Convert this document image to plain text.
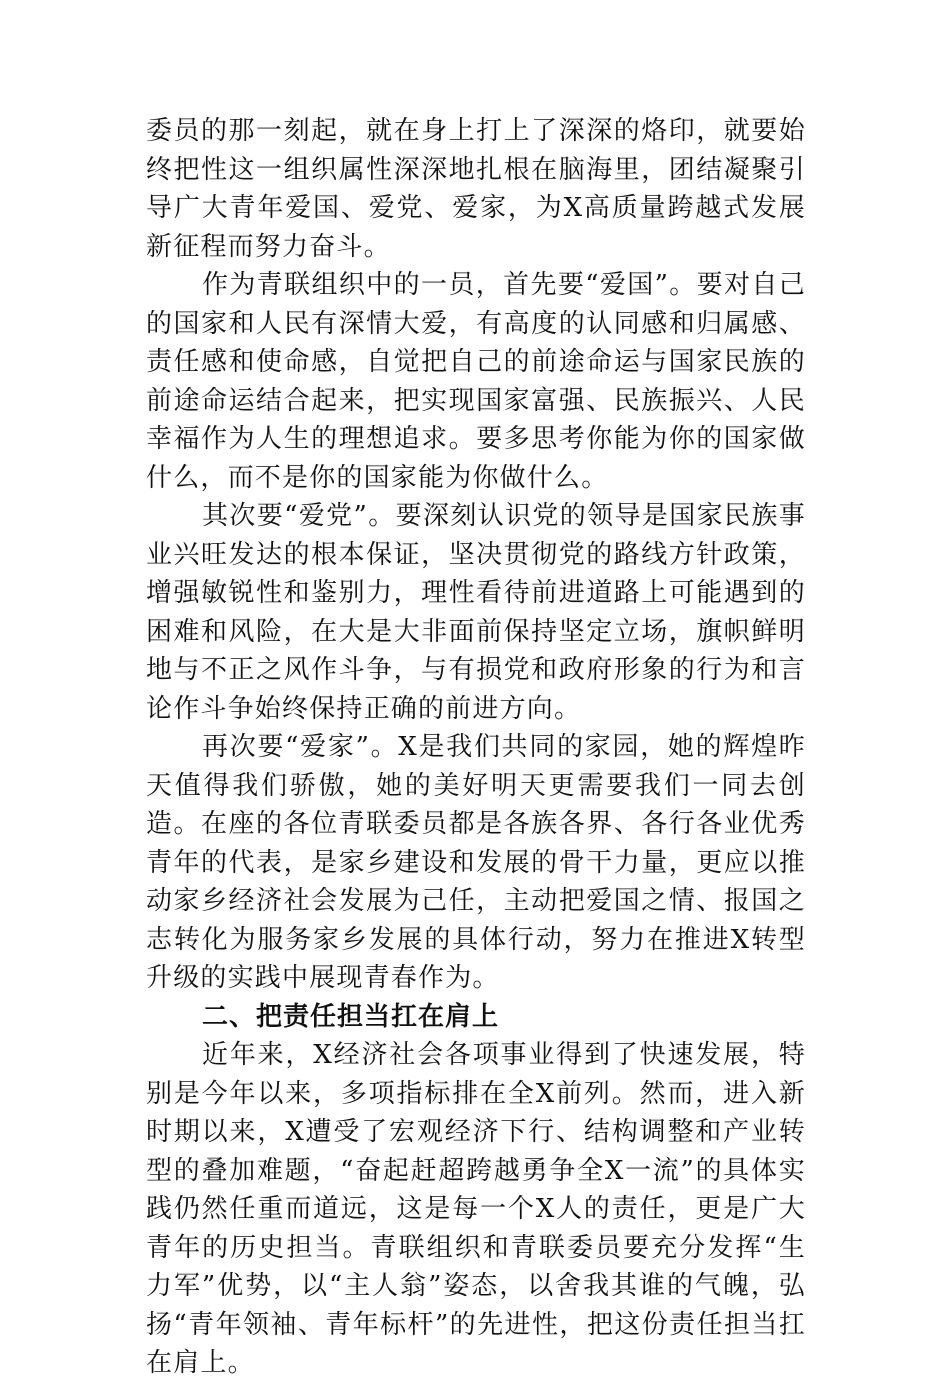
委员的那一刻起，就在身上打上了深深的烙印，就要始终把性这一组织属性深深地扎根在脑海里，团结凝聚引导广大青年爱国、爱党、爱家，为X高质量跨越式发展新征程而努力奋斗。

作为青联组织中的一员，首先要“爱国”。要对自己的国家和人民有深情大爱，有高度的认同感和归属感、责任感和使命感，自觉把自己的前途命运与国家民族的前途命运结合起来，把实现国家富强、民族振兴、人民幸福作为人生的理想追求。要多思考你能为你的国家做什么，而不是你的国家能为你做什么。

其次要“爱党”。要深刻认识党的领导是国家民族事业兴旺发达的根本保证，坚决贯彻党的路线方针政策，增强敏锐性和鉴别力，理性看待前进道路上可能遇到的困难和风险，在大是大非面前保持坚定立场，旗帜鲜明地与不正之风作斗争，与有损党和政府形象的行为和言论作斗争始终保持正确的前进方向。

再次要“爱家”。X是我们共同的家园，她的辉煌昨天值得我们骄傲，她的美好明天更需要我们一同去创造。在座的各位青联委员都是各族各界、各行各业优秀青年的代表，是家乡建设和发展的骨干力量，更应以推动家乡经济社会发展为己任，主动把爱国之情、报国之志转化为服务家乡发展的具体行动，努力在推进X转型升级的实践中展现青春作为。

二、把责任担当扛在肩上

近年来，X经济社会各项事业得到了快速发展，特别是今年以来，多项指标排在全X前列。然而，进入新时期以来，X遭受了宏观经济下行、结构调整和产业转型的叠加难题，“奋起赶超跨越勇争全X一流”的具体实践仍然任重而道远，这是每一个X人的责任，更是广大青年的历史担当。青联组织和青联委员要充分发挥“生力军”优势，以“主人翁”姿态，以舍我其谁的气魄，弘扬“青年领袖、青年标杆”的先进性，把这份责任担当扛在肩上。
